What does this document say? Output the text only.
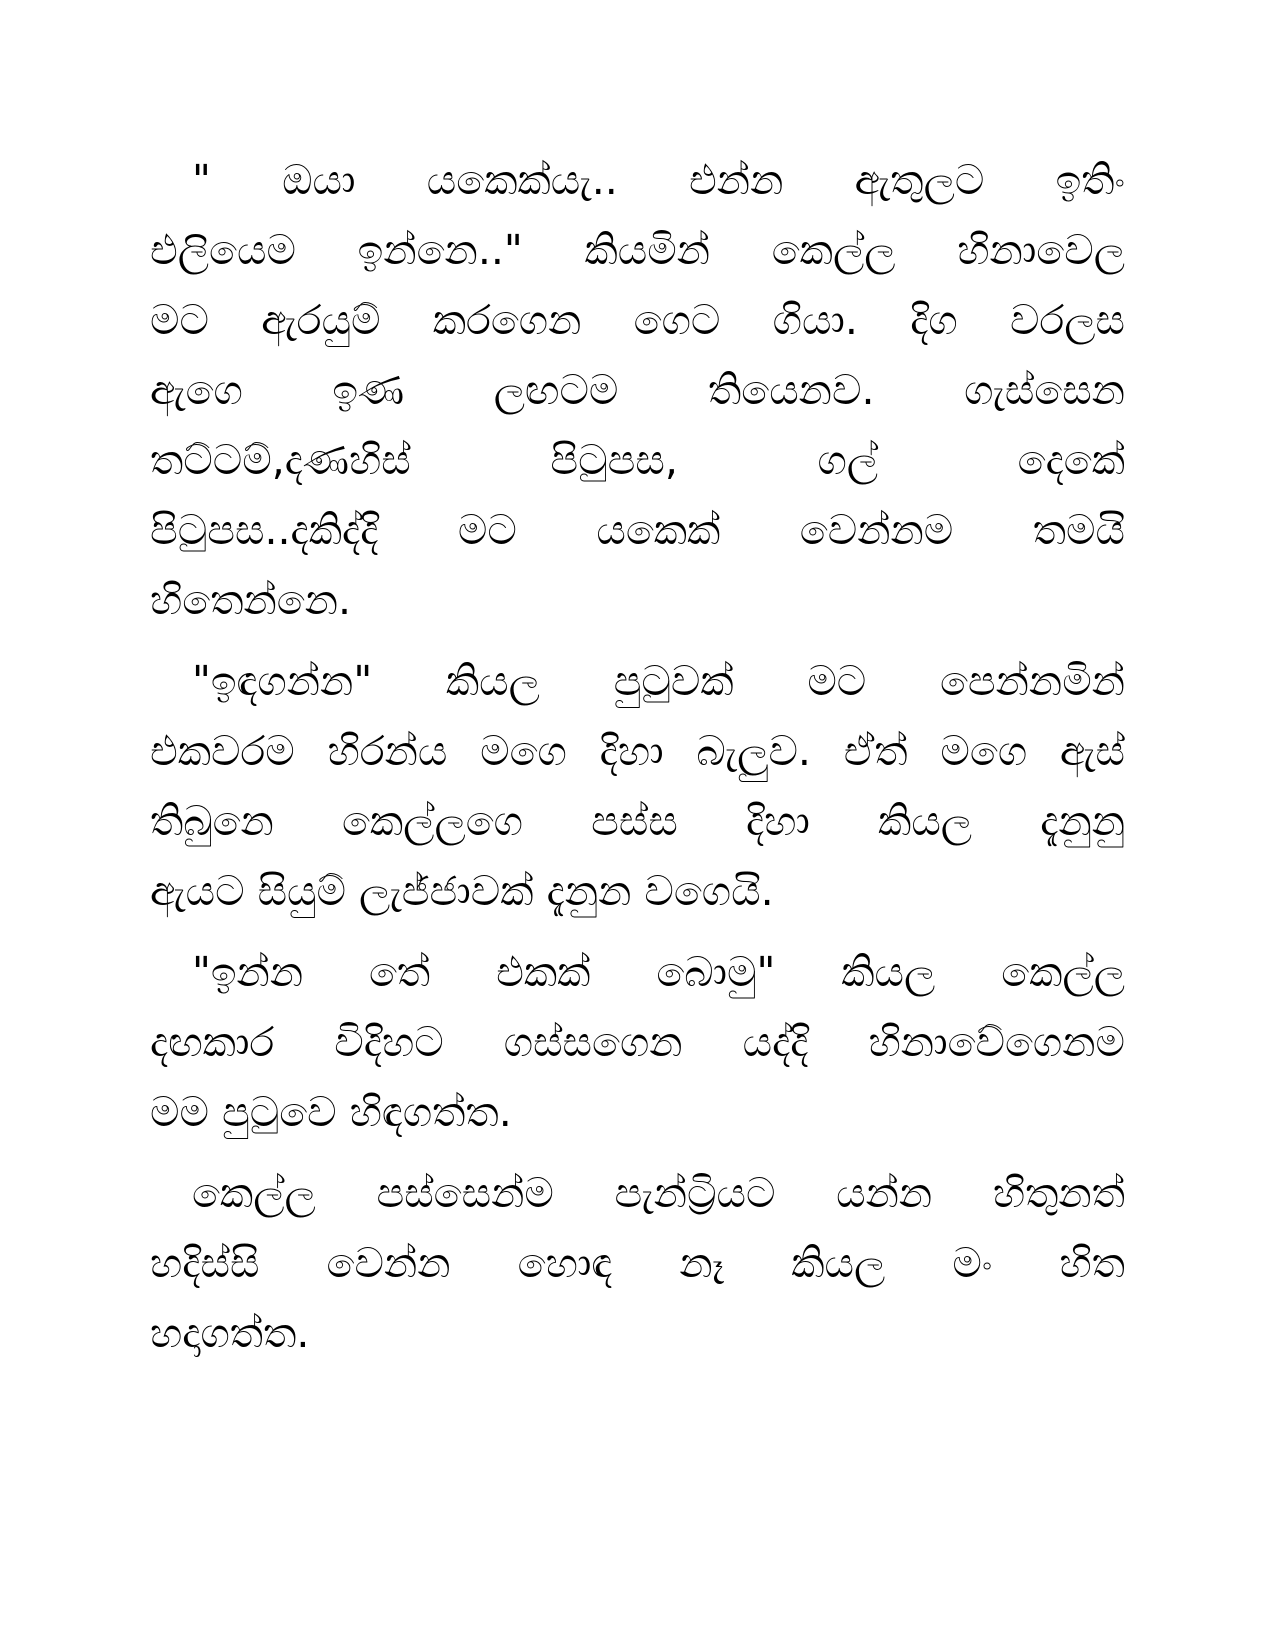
" ඔයා යකෙක්යැ.. එන්න ඇතුලට ඉතිං
එලියෙම ඉන්නෙ.." කියමින් කෙල්ල හිනාවෙල
මට ඇරයුම් කරගෙන ගෙට ගියා. දිග වරලස
ඇගෙ ඉණ ලඟටම තියෙනව. ගැස්සෙන
තට්ටම්,දණහිස් පිටුපස, ගල් දෙකේ
පිටුපස..දකිද්දි මට යකෙක් වෙන්නම තමයි
හිතෙන්නෙ.
"ඉඳගන්න" කියල පුටුවක් මට පෙන්නමින්
එකවරම හිරන්ය මගෙ දිහා බැලුව. ඒත් මගෙ ඇස්
තිබුනෙ කෙල්ලගෙ පස්ස දිහා කියල දැනුනු
ඇයට සියුම් ලැජ්ජාවක් දැනුන වගෙයි.
"ඉන්න තේ එකක් බොමු" කියල කෙල්ල
දඟකාර විදිහට ගස්සගෙන යද්දි හිනාවේගෙනම
මම පුටුවෙ හිඳගත්ත.
කෙල්ල පස්සෙන්ම පැන්ට්‍රියට යන්න හිතුනත්
හදිස්සි වෙන්න හොඳ නෑ කියල මං හිත
හදාගත්ත.
